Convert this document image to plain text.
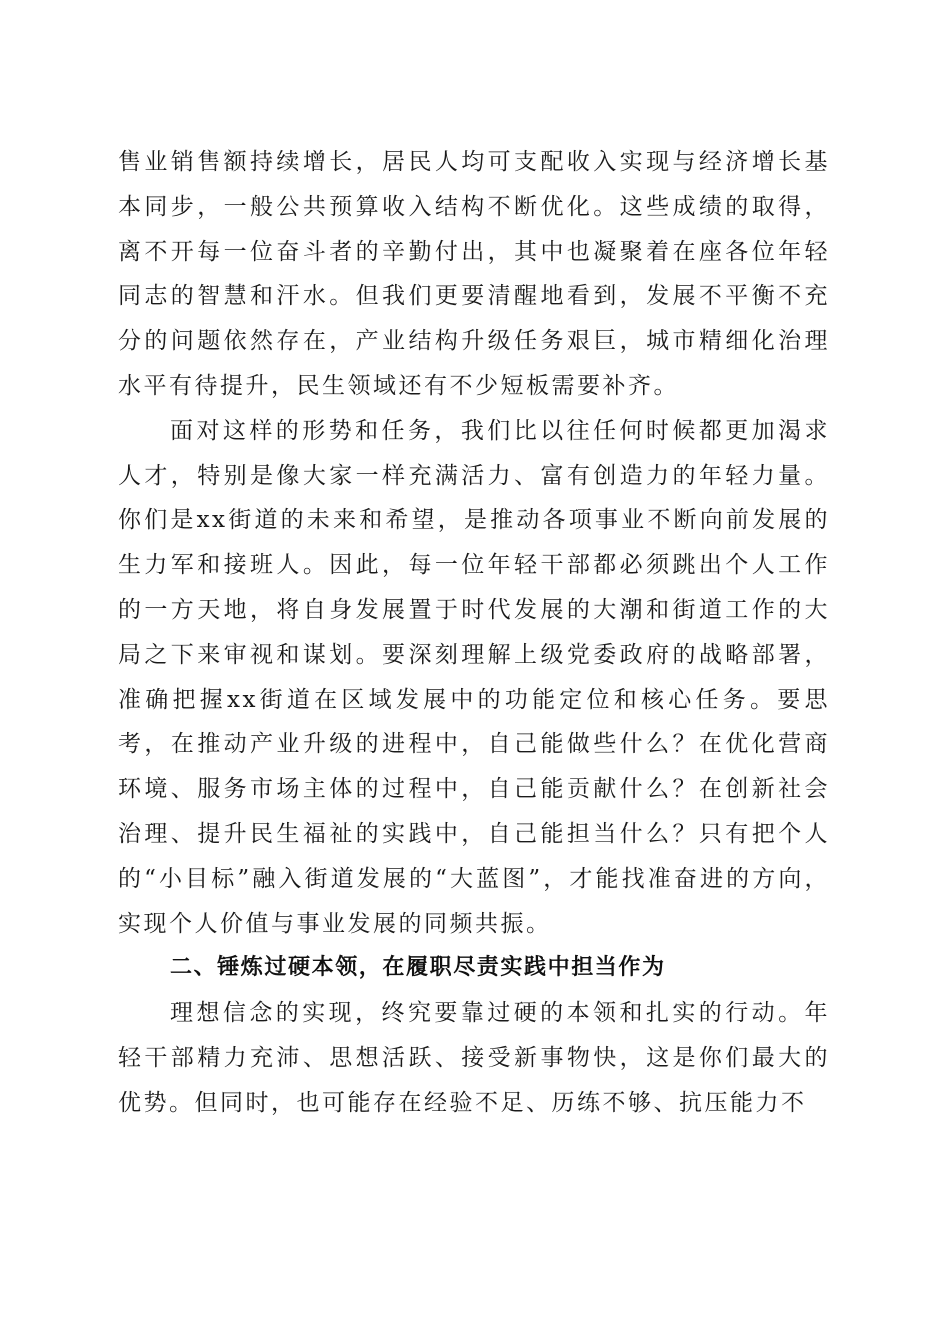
售业销售额持续增长，居民人均可支配收入实现与经济增长基本同步，一般公共预算收入结构不断优化。这些成绩的取得，离不开每一位奋斗者的辛勤付出，其中也凝聚着在座各位年轻同志的智慧和汗水。但我们更要清醒地看到，发展不平衡不充分的问题依然存在，产业结构升级任务艰巨，城市精细化治理水平有待提升，民生领域还有不少短板需要补齐。

面对这样的形势和任务，我们比以往任何时候都更加渴求人才，特别是像大家一样充满活力、富有创造力的年轻力量。你们是xx街道的未来和希望，是推动各项事业不断向前发展的生力军和接班人。因此，每一位年轻干部都必须跳出个人工作的一方天地，将自身发展置于时代发展的大潮和街道工作的大局之下来审视和谋划。要深刻理解上级党委政府的战略部署，准确把握xx街道在区域发展中的功能定位和核心任务。要思考，在推动产业升级的进程中，自己能做些什么？在优化营商环境、服务市场主体的过程中，自己能贡献什么？在创新社会治理、提升民生福祉的实践中，自己能担当什么？只有把个人的“小目标”融入街道发展的“大蓝图”，才能找准奋进的方向，实现个人价值与事业发展的同频共振。

二、锤炼过硬本领，在履职尽责实践中担当作为

理想信念的实现，终究要靠过硬的本领和扎实的行动。年轻干部精力充沛、思想活跃、接受新事物快，这是你们最大的优势。但同时，也可能存在经验不足、历练不够、抗压能力不
